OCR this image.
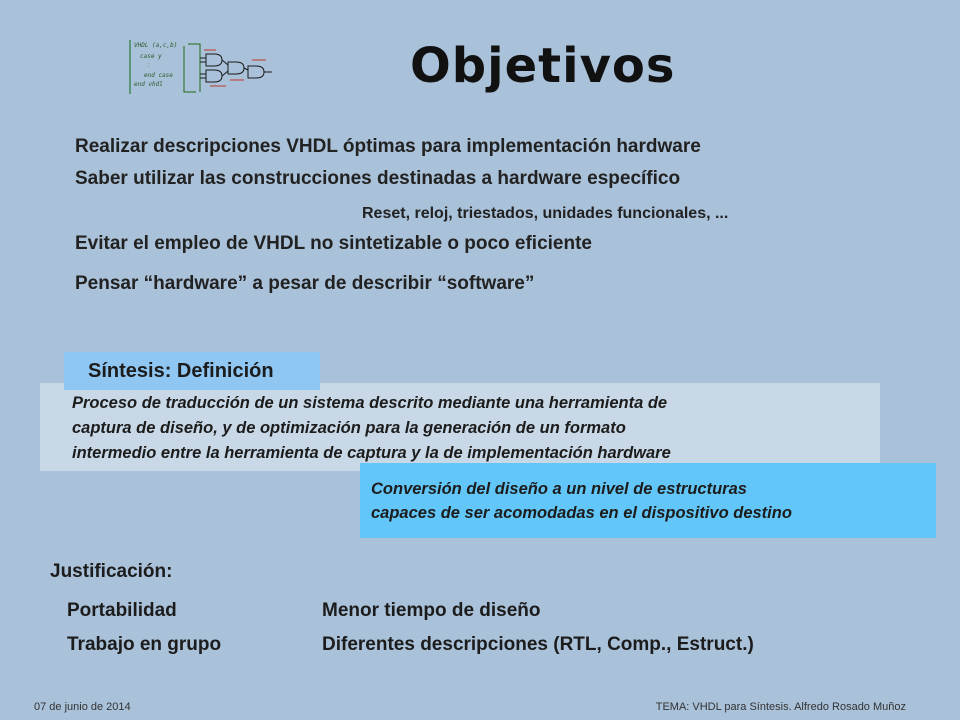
VHDL (a,c,b)
case y
:
end case
end vhdl	Objetivos
Realizar descripciones VHDL óptimas para implementación hardware
Saber utilizar las construcciones destinadas a hardware específico
Reset, reloj, triestados, unidades funcionales, ...
Evitar el empleo de VHDL no sintetizable o poco eficiente
Pensar “hardware” a pesar de describir “software”
Proceso de traducción de un sistema descrito mediante una herramienta de
captura de diseño, y de optimización para la generación de un formato
intermedio entre la herramienta de captura y la de implementación hardware
Síntesis: Definición
Conversión del diseño a un nivel de estructuras
capaces de ser acomodadas en el dispositivo destino
Justificación:
Portabilidad
Trabajo en grupo
Menor tiempo de diseño
Diferentes descripciones (RTL, Comp., Estruct.)
07 de junio de 2014	TEMA: VHDL para Síntesis. Alfredo Rosado Muñoz
